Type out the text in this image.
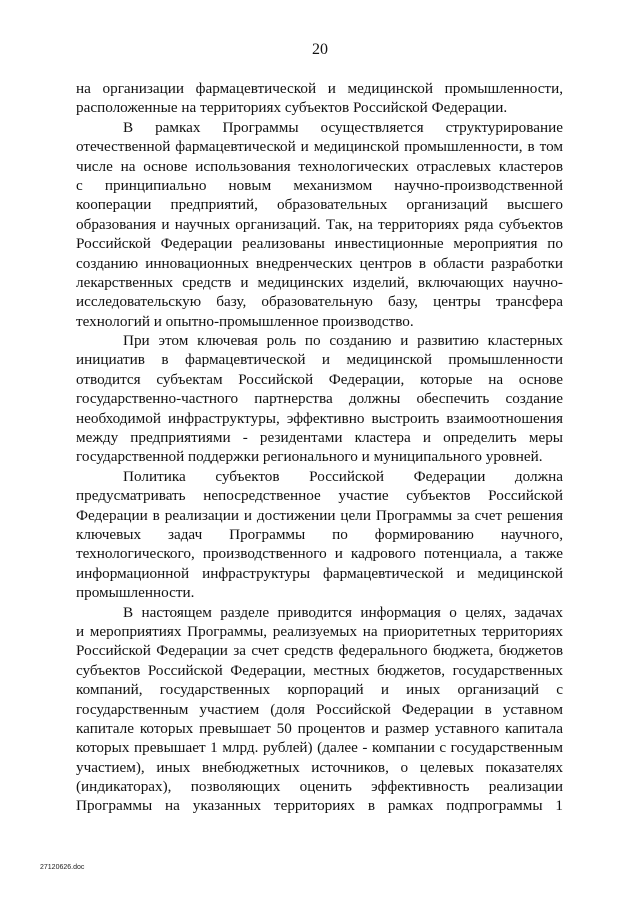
20
на организации фармацевтической и медицинской промышленности,
расположенные на территориях субъектов Российской Федерации.
В рамках Программы осуществляется структурирование
отечественной фармацевтической и медицинской промышленности, в том
числе на основе использования технологических отраслевых кластеров
с принципиально новым механизмом научно-производственной
кооперации предприятий, образовательных организаций высшего
образования и научных организаций. Так, на территориях ряда субъектов
Российской Федерации реализованы инвестиционные мероприятия по
созданию инновационных внедренческих центров в области разработки
лекарственных средств и медицинских изделий, включающих научно-
исследовательскую базу, образовательную базу, центры трансфера
технологий и опытно-промышленное производство.
При этом ключевая роль по созданию и развитию кластерных
инициатив в фармацевтической и медицинской промышленности
отводится субъектам Российской Федерации, которые на основе
государственно-частного партнерства должны обеспечить создание
необходимой инфраструктуры, эффективно выстроить взаимоотношения
между предприятиями - резидентами кластера и определить меры
государственной поддержки регионального и муниципального уровней.
Политика субъектов Российской Федерации должна
предусматривать непосредственное участие субъектов Российской
Федерации в реализации и достижении цели Программы за счет решения
ключевых задач Программы по формированию научного,
технологического, производственного и кадрового потенциала, а также
информационной инфраструктуры фармацевтической и медицинской
промышленности.
В настоящем разделе приводится информация о целях, задачах
и мероприятиях Программы, реализуемых на приоритетных территориях
Российской Федерации за счет средств федерального бюджета, бюджетов
субъектов Российской Федерации, местных бюджетов, государственных
компаний, государственных корпораций и иных организаций с
государственным участием (доля Российской Федерации в уставном
капитале которых превышает 50 процентов и размер уставного капитала
которых превышает 1 млрд. рублей) (далее - компании с государственным
участием), иных внебюджетных источников, о целевых показателях
(индикаторах), позволяющих оценить эффективность реализации
Программы на указанных территориях в рамках подпрограммы 1
27120626.doc
